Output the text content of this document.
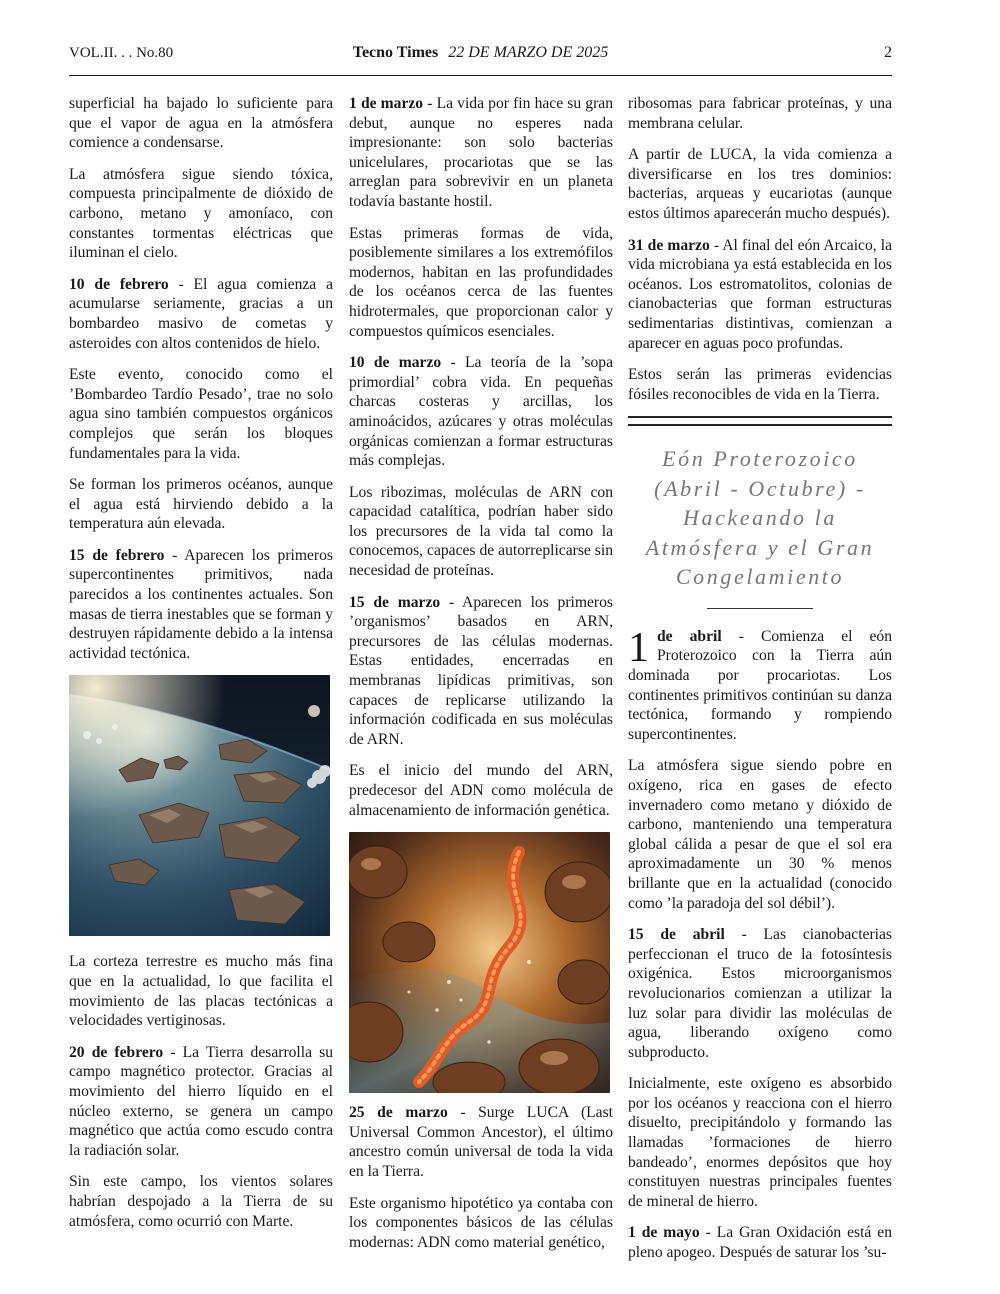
VOL.II. . . No.80	Tecno Times 22 DE MARZO DE 2025	2

superficial ha bajado lo suficiente para que el vapor de agua en la atmósfera comience a condensarse.

La atmósfera sigue siendo tóxica, compuesta principalmente de dióxido de carbono, metano y amoníaco, con constantes tormentas eléctricas que iluminan el cielo.

10 de febrero - El agua comienza a acumularse seriamente, gracias a un bombardeo masivo de cometas y asteroides con altos contenidos de hielo.

Este evento, conocido como el ’Bombardeo Tardío Pesado’, trae no solo agua sino también compuestos orgánicos complejos que serán los bloques fundamentales para la vida.

Se forman los primeros océanos, aunque el agua está hirviendo debido a la temperatura aún elevada.

15 de febrero - Aparecen los primeros supercontinentes primitivos, nada parecidos a los continentes actuales. Son masas de tierra inestables que se forman y destruyen rápidamente debido a la intensa actividad tectónica.

La corteza terrestre es mucho más fina que en la actualidad, lo que facilita el movimiento de las placas tectónicas a velocidades vertiginosas.

20 de febrero - La Tierra desarrolla su campo magnético protector. Gracias al movimiento del hierro líquido en el núcleo externo, se genera un campo magnético que actúa como escudo contra la radiación solar.

Sin este campo, los vientos solares habrían despojado a la Tierra de su atmósfera, como ocurrió con Marte.

1 de marzo - La vida por fin hace su gran debut, aunque no esperes nada impresionante: son solo bacterias unicelulares, procariotas que se las arreglan para sobrevivir en un planeta todavía bastante hostil.

Estas primeras formas de vida, posiblemente similares a los extremófilos modernos, habitan en las profundidades de los océanos cerca de las fuentes hidrotermales, que proporcionan calor y compuestos químicos esenciales.

10 de marzo - La teoría de la ’sopa primordial’ cobra vida. En pequeñas charcas costeras y arcillas, los aminoácidos, azúcares y otras moléculas orgánicas comienzan a formar estructuras más complejas.

Los ribozimas, moléculas de ARN con capacidad catalítica, podrían haber sido los precursores de la vida tal como la conocemos, capaces de autorreplicarse sin necesidad de proteínas.

15 de marzo - Aparecen los primeros ’organismos’ basados en ARN, precursores de las células modernas. Estas entidades, encerradas en membranas lipídicas primitivas, son capaces de replicarse utilizando la información codificada en sus moléculas de ARN.

Es el inicio del mundo del ARN, predecesor del ADN como molécula de almacenamiento de información genética.

25 de marzo - Surge LUCA (Last Universal Common Ancestor), el último ancestro común universal de toda la vida en la Tierra.

Este organismo hipotético ya contaba con los componentes básicos de las células modernas: ADN como material genético,

ribosomas para fabricar proteínas, y una membrana celular.

A partir de LUCA, la vida comienza a diversificarse en los tres dominios: bacterias, arqueas y eucariotas (aunque estos últimos aparecerán mucho después).

31 de marzo - Al final del eón Arcaico, la vida microbiana ya está establecida en los océanos. Los estromatolitos, colonias de cianobacterias que forman estructuras sedimentarias distintivas, comienzan a aparecer en aguas poco profundas.

Estos serán las primeras evidencias fósiles reconocibles de vida en la Tierra.

Eón Proterozoico (Abril - Octubre) - Hackeando la Atmósfera y el Gran Congelamiento

1 de abril - Comienza el eón Proterozoico con la Tierra aún dominada por procariotas. Los continentes primitivos continúan su danza tectónica, formando y rompiendo supercontinentes.

La atmósfera sigue siendo pobre en oxígeno, rica en gases de efecto invernadero como metano y dióxido de carbono, manteniendo una temperatura global cálida a pesar de que el sol era aproximadamente un 30 % menos brillante que en la actualidad (conocido como ’la paradoja del sol débil’).

15 de abril - Las cianobacterias perfeccionan el truco de la fotosíntesis oxigénica. Estos microorganismos revolucionarios comienzan a utilizar la luz solar para dividir las moléculas de agua, liberando oxígeno como subproducto.

Inicialmente, este oxígeno es absorbido por los océanos y reacciona con el hierro disuelto, precipitándolo y formando las llamadas ’formaciones de hierro bandeado’, enormes depósitos que hoy constituyen nuestras principales fuentes de mineral de hierro.

1 de mayo - La Gran Oxidación está en pleno apogeo. Después de saturar los ’su-
